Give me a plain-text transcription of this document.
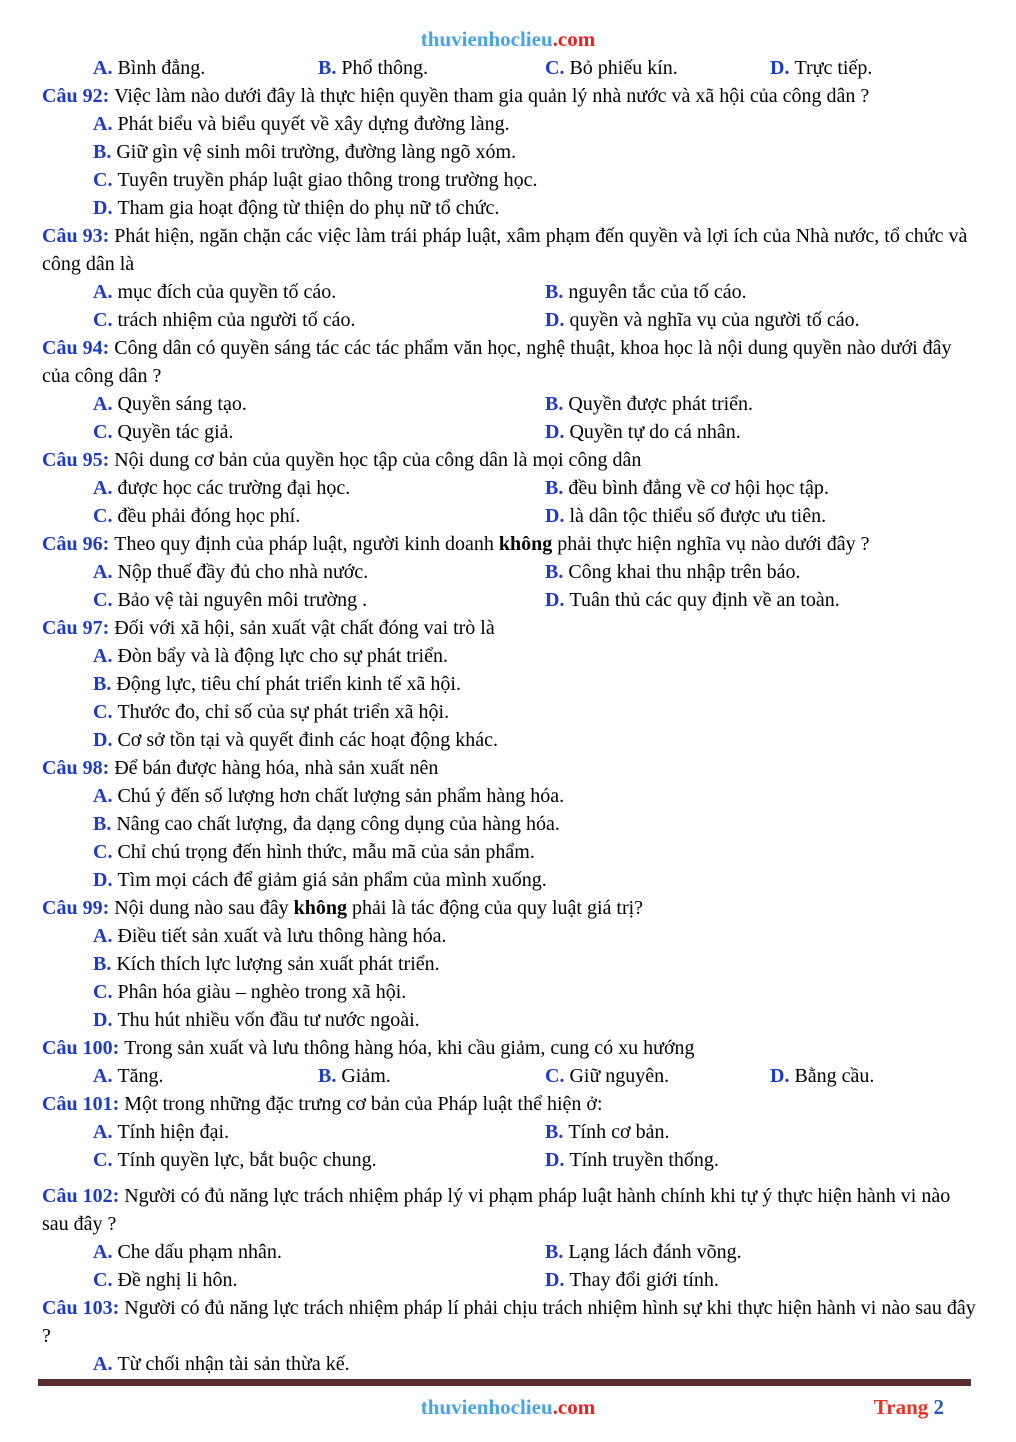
thuvienhoclieu.com
A. Bình đẳng.	B. Phổ thông.	C. Bỏ phiếu kín.	D. Trực tiếp.
Câu 92: Việc làm nào dưới đây là thực hiện quyền tham gia quản lý nhà nước và xã hội của công dân ?
A. Phát biểu và biểu quyết về xây dựng đường làng.
B. Giữ gìn vệ sinh môi trường, đường làng ngõ xóm.
C. Tuyên truyền pháp luật giao thông trong trường học.
D. Tham gia hoạt động từ thiện do phụ nữ tổ chức.
Câu 93: Phát hiện, ngăn chặn các việc làm trái pháp luật, xâm phạm đến quyền và lợi ích của Nhà nước, tổ chức và công dân là
A. mục đích của quyền tố cáo.	B. nguyên tắc của tố cáo.
C. trách nhiệm của người tố cáo.	D. quyền và nghĩa vụ của người tố cáo.
Câu 94: Công dân có quyền sáng tác các tác phẩm văn học, nghệ thuật, khoa học là nội dung quyền nào dưới đây của công dân ?
A. Quyền sáng tạo.	B. Quyền được phát triển.
C. Quyền tác giả.	D. Quyền tự do cá nhân.
Câu 95: Nội dung cơ bản của quyền học tập của công dân là mọi công dân
A. được học các trường đại học.	B. đều bình đẳng về cơ hội học tập.
C. đều phải đóng học phí.	D. là dân tộc thiểu số được ưu tiên.
Câu 96: Theo quy định của pháp luật, người kinh doanh không phải thực hiện nghĩa vụ nào dưới đây ?
A. Nộp thuế đầy đủ cho nhà nước.	B. Công khai thu nhập trên báo.
C. Bảo vệ tài nguyên môi trường .	D. Tuân thủ các quy định về an toàn.
Câu 97: Đối với xã hội, sản xuất vật chất đóng vai trò là
A. Đòn bẩy và là động lực cho sự phát triển.
B. Động lực, tiêu chí phát triển kinh tế xã hội.
C. Thước đo, chỉ số của sự phát triển xã hội.
D. Cơ sở tồn tại và quyết đinh các hoạt động khác.
Câu 98: Để bán được hàng hóa, nhà sản xuất nên
A. Chú ý đến số lượng hơn chất lượng sản phẩm hàng hóa.
B. Nâng cao chất lượng, đa dạng công dụng của hàng hóa.
C. Chỉ chú trọng đến hình thức, mẫu mã của sản phẩm.
D. Tìm mọi cách để giảm giá sản phẩm của mình xuống.
Câu 99: Nội dung nào sau đây không phải là tác động của quy luật giá trị?
A. Điều tiết sản xuất và lưu thông hàng hóa.
B. Kích thích lực lượng sản xuất phát triển.
C. Phân hóa giàu – nghèo trong xã hội.
D. Thu hút nhiều vốn đầu tư nước ngoài.
Câu 100: Trong sản xuất và lưu thông hàng hóa, khi cầu giảm, cung có xu hướng
A. Tăng.	B. Giảm.	C. Giữ nguyên.	D. Bằng cầu.
Câu 101: Một trong những đặc trưng cơ bản của Pháp luật thể hiện ở:
A. Tính hiện đại.	B. Tính cơ bản.
C. Tính quyền lực, bắt buộc chung.	D. Tính truyền thống.
Câu 102: Người có đủ năng lực trách nhiệm pháp lý vi phạm pháp luật hành chính khi tự ý thực hiện hành vi nào sau đây ?
A. Che dấu phạm nhân.	B. Lạng lách đánh võng.
C. Đề nghị li hôn.	D. Thay đổi giới tính.
Câu 103: Người có đủ năng lực trách nhiệm pháp lí phải chịu trách nhiệm hình sự khi thực hiện hành vi nào sau đây ?
A. Từ chối nhận tài sản thừa kế.
thuvienhoclieu.com	Trang 2
